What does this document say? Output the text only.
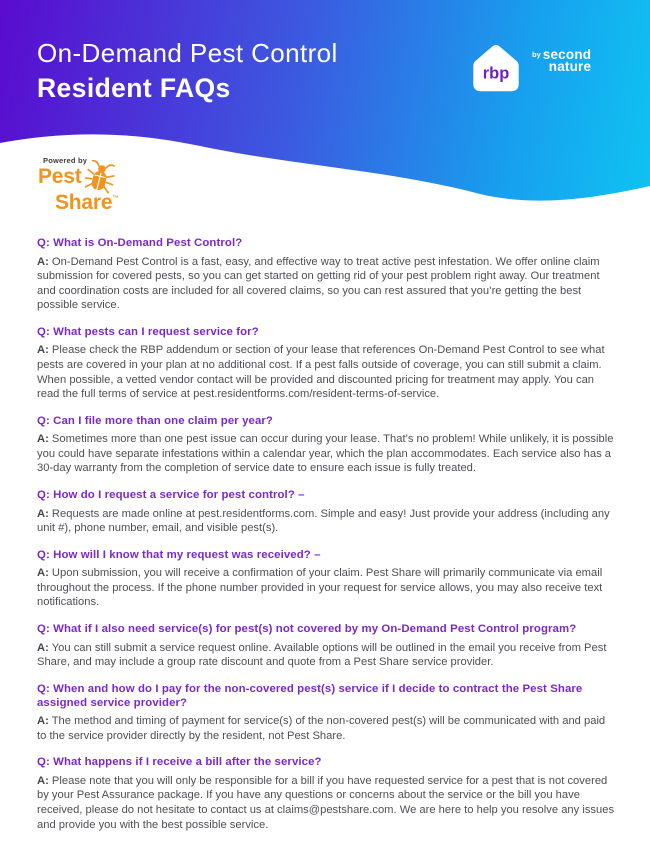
On-Demand Pest Control
Resident FAQs	rbp
by second
nature
Powered by
Pest
Share ™
Q: What is On-Demand Pest Control?

A: On-Demand Pest Control is a fast, easy, and effective way to treat active pest infestation. We offer online claim submission for covered pests, so you can get started on getting rid of your pest problem right away. Our treatment and coordination costs are included for all covered claims, so you can rest assured that you’re getting the best possible service.

Q: What pests can I request service for?

A: Please check the RBP addendum or section of your lease that references On-Demand Pest Control to see what pests are covered in your plan at no additional cost. If a pest falls outside of coverage, you can still submit a claim. When possible, a vetted vendor contact will be provided and discounted pricing for treatment may apply. You can read the full terms of service at pest.residentforms.com/resident-terms-of-service.

Q: Can I file more than one claim per year?

A: Sometimes more than one pest issue can occur during your lease. That’s no problem! While unlikely, it is possible you could have separate infestations within a calendar year, which the plan accommodates. Each service also has a 30-day warranty from the completion of service date to ensure each issue is fully treated.

Q: How do I request a service for pest control? –

A: Requests are made online at pest.residentforms.com. Simple and easy! Just provide your address (including any unit #), phone number, email, and visible pest(s).

Q: How will I know that my request was received? –

A: Upon submission, you will receive a confirmation of your claim. Pest Share will primarily communicate via email throughout the process. If the phone number provided in your request for service allows, you may also receive text notifications.

Q: What if I also need service(s) for pest(s) not covered by my On-Demand Pest Control program?

A: You can still submit a service request online. Available options will be outlined in the email you receive from Pest Share, and may include a group rate discount and quote from a Pest Share service provider.

Q: When and how do I pay for the non-covered pest(s) service if I decide to contract the Pest Share assigned service provider?

A: The method and timing of payment for service(s) of the non-covered pest(s) will be communicated with and paid to the service provider directly by the resident, not Pest Share.

Q: What happens if I receive a bill after the service?

A: Please note that you will only be responsible for a bill if you have requested service for a pest that is not covered by your Pest Assurance package. If you have any questions or concerns about the service or the bill you have received, please do not hesitate to contact us at claims@pestshare.com. We are here to help you resolve any issues and provide you with the best possible service.
